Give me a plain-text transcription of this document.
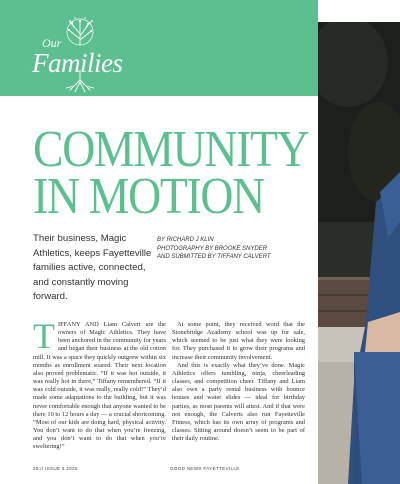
Our
Families
COMMUNITY
IN MOTION
Their business, Magic Athletics, keeps Fayetteville families active, connected, and constantly moving forward.
BY RICHARD J KLIN
PHOTOGRAPHY BY BROOKE SNYDER
AND SUBMITTED BY TIFFANY CALVERT
T IFFANY AND Liam Calvert are the owners of Magic Athletics. They have been anchored in the community for years and began their business at the old cotton mill. It was a space they quickly outgrew within six months as enrollment soared. Their next location also proved problematic. “If it was hot outside, it was really hot in there,” Tiffany remembered. “If it was cold outside, it was really, really cold!” They’d made some adaptations to the building, but it was never comfortable enough that anyone wanted to be there 10 to 12 hours a day — a crucial shortcoming. “Most of our kids are doing hard, physical activity. You don’t want to do that when you’re freezing, and you don’t want to do that when you’re sweltering!”

At some point, they received word that the Stonebridge Academy school was up for sale, which seemed to be just what they were looking for. They purchased it to grow their programs and increase their community involvement.

And this is exactly what they’ve done. Magic Athletics offers tumbling, ninja, cheerleading classes, and competition cheer. Tiffany and Liam also own a party rental business with bounce houses and water slides — ideal for birthday parties, as most parents will attest. And if that were not enough, the Calverts also run Fayetteville Fitness, which has its own array of programs and classes. Sitting around doesn’t seem to be part of their daily routine.

28 // ISSUE 6 2025	GOOD NEWS FAYETTEVILLE
